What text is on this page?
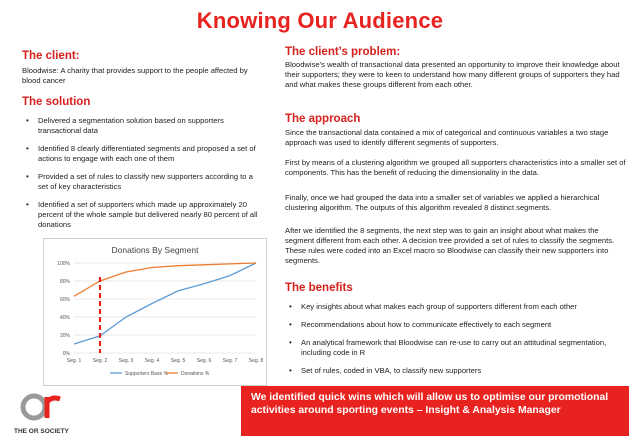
Knowing Our Audience
The client:

Bloodwise: A charity that provides support to the people affected by blood cancer

The solution
• Delivered a segmentation solution based on supporters transactional data
• Identified 8 clearly differentiated segments and proposed a set of actions to engage with each one of them
• Provided a set of rules to classify new supporters according to a set of key characteristics
• Identified a set of supporters which made up approximately 20 percent of the whole sample but delivered nearly 80 percent of all donations
Donations By Segment
0%
20%
40%
60%
80%
100%
Seg. 1 Seg. 2 Seg. 3 Seg. 4 Seg. 5 Seg. 6 Seg. 7 Seg. 8
Supporters Base %	Donations %
The client’s problem:

Bloodwise’s wealth of transactional data presented an opportunity to improve their knowledge about their supporters; they were to keen to understand how many different groups of supporters they had and what makes these groups different from each other.

The approach

Since the transactional data contained a mix of categorical and continuous variables a two stage approach was used to identify different segments of supporters.

First by means of a clustering algorithm we grouped all supporters characteristics into a smaller set of components. This has the benefit of reducing the dimensionality in the data.

Finally, once we had grouped the data into a smaller set of variables we applied a hierarchical clustering algorithm. The outputs of this algorithm revealed 8 distinct segments.

After we identified the 8 segments, the next step was to gain an insight about what makes the segment different from each other. A decision tree provided a set of rules to classify the segments. These rules were coded into an Excel macro so Bloodwise can classify their new supporters into segments.

The benefits
• Key insights about what makes each group of supporters different from each other
• Recommendations about how to communicate effectively to each segment
• An analytical framework that Bloodwise can re-use to carry out an attitudinal segmentation, including code in R
• Set of rules, coded in VBA, to classify new supporters
We identified quick wins which will allow us to optimise our promotional activities around sporting events – Insight & Analysis Manager
THE OR SOCIETY
